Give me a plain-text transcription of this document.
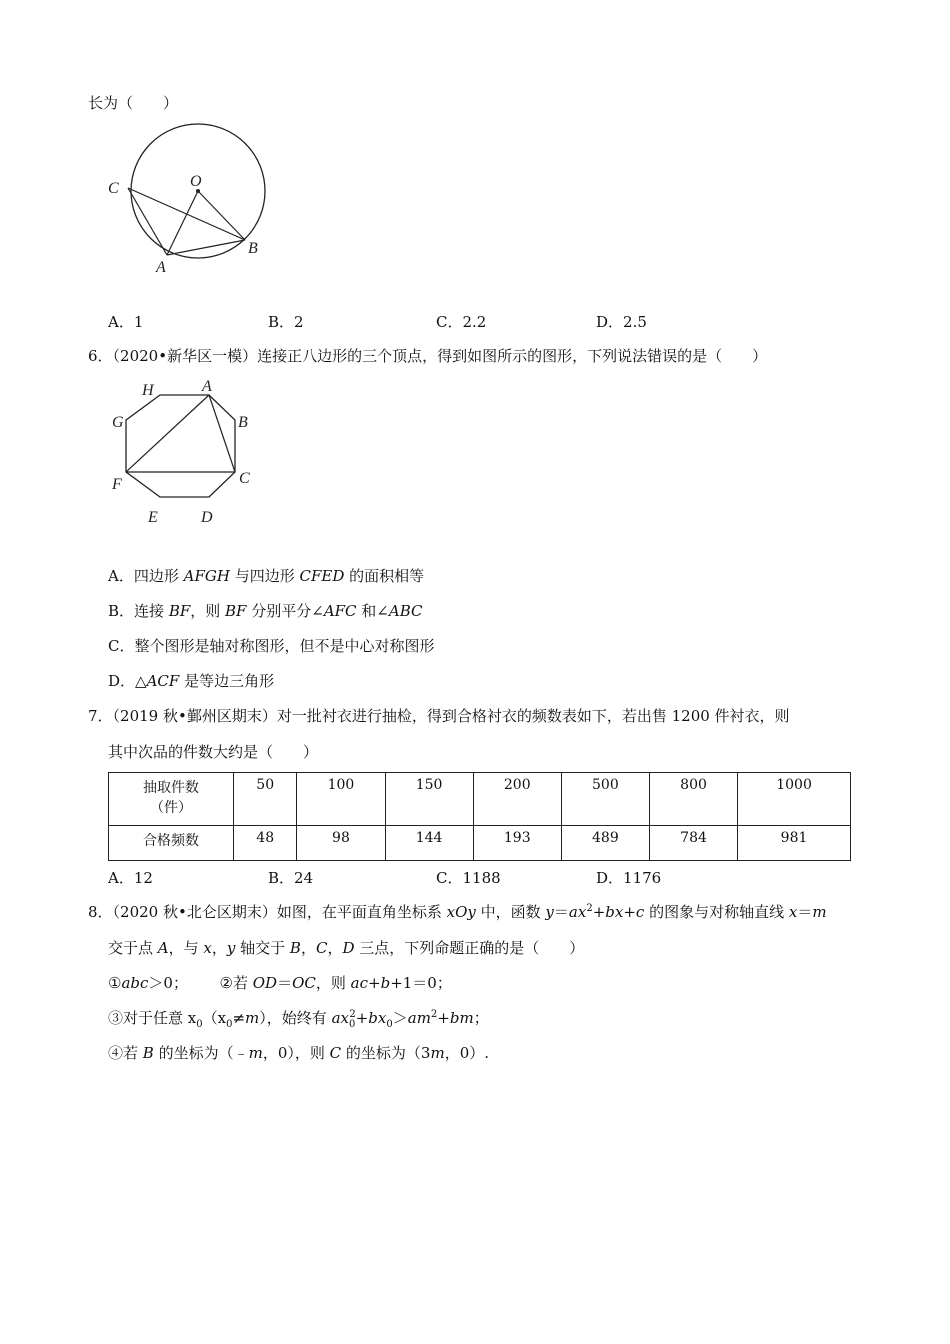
长为（　　）
C	O
A
B
A．1	B．2	C．2.2	D．2.5
6．（2020•新华区一模）连接正八边形的三个顶点，得到如图所示的图形，下列说法错误的是（　　）
H	A
G	B
F	C
E	D
A．四边形 AFGH 与四边形 CFED 的面积相等
B．连接 BF，则 BF 分别平分∠AFC 和∠ABC
C．整个图形是轴对称图形，但不是中心对称图形
D．△ACF 是等边三角形
7．（2019 秋•鄞州区期末）对一批衬衣进行抽检，得到合格衬衣的频数表如下，若出售 1200 件衬衣，则
其中次品的件数大约是（　　）
抽取件数
（件）	50	100	150	200	500	800	1000
合格频数	48	98	144	193	489	784	981
A．12	B．24	C．1188	D．1176
8．（2020 秋•北仑区期末）如图，在平面直角坐标系 xOy 中，函数 $y=ax^2+bx+c$ 的图象与对称轴直线 x＝m
交于点 A，与 x，y 轴交于 B，C，D 三点，下列命题正确的是（　　）
①abc＞0； ②若 OD＝OC，则 ac+b+1＝0；
③对于任意 $x_0(x_0\ne m)$，始终有 $ax_0^2+bx_0>am^2+bm$；
④若 B 的坐标为（﹣m，0），则 C 的坐标为（3m，0）.
